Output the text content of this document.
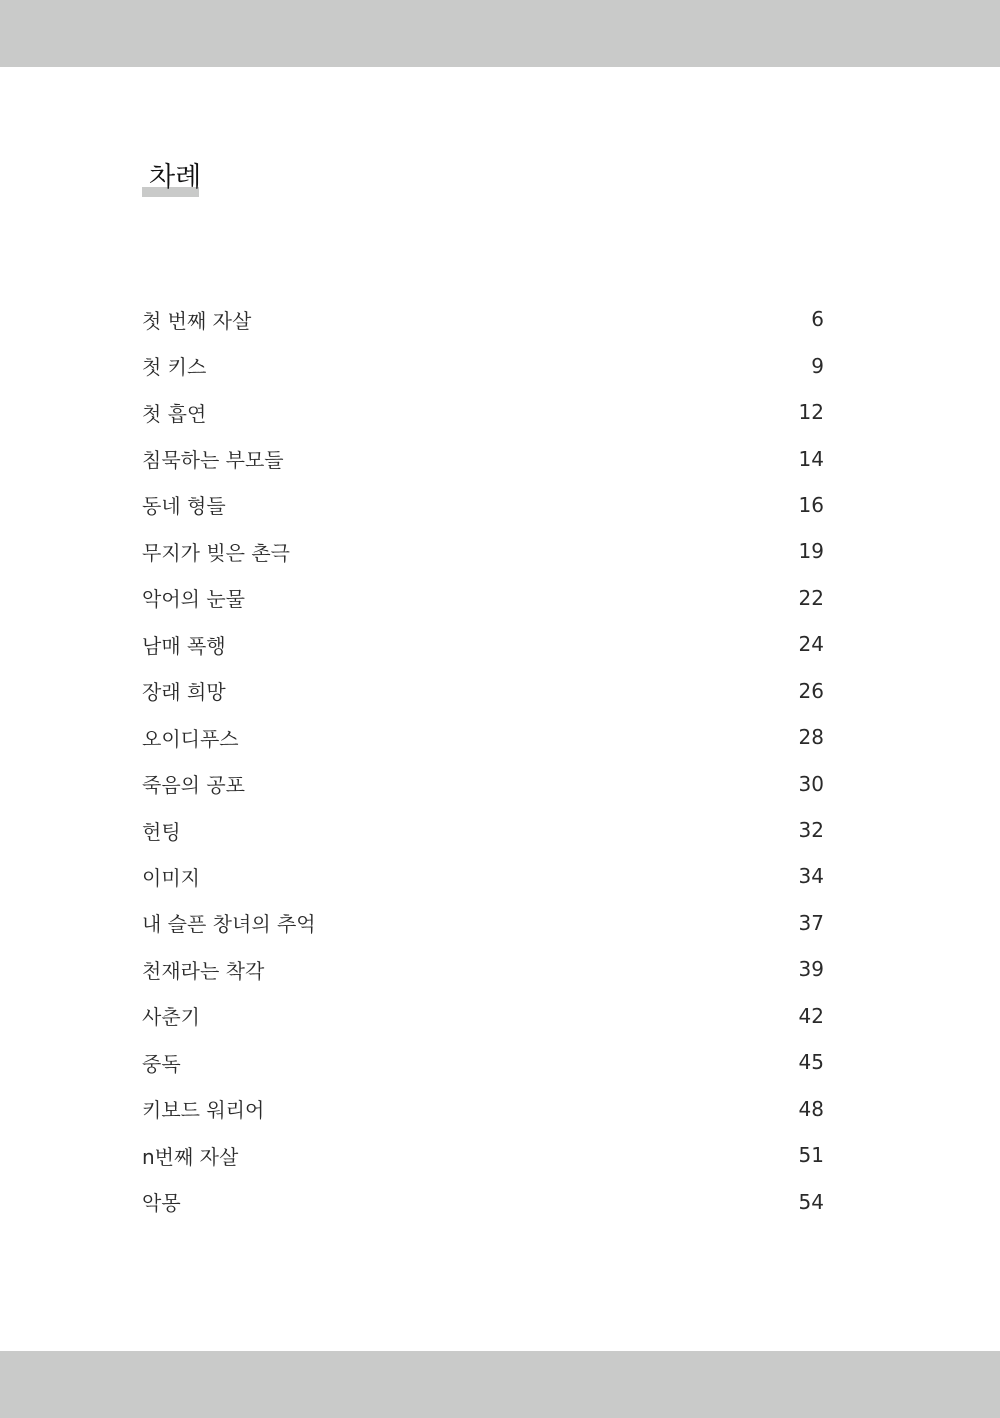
차례
첫 번째 자살	6
첫 키스	9
첫 흡연	12
침묵하는 부모들	14
동네 형들	16
무지가 빚은 촌극	19
악어의 눈물	22
남매 폭행	24
장래 희망	26
오이디푸스	28
죽음의 공포	30
헌팅	32
이미지	34
내 슬픈 창녀의 추억	37
천재라는 착각	39
사춘기	42
중독	45
키보드 워리어	48
n번째 자살	51
악몽	54
